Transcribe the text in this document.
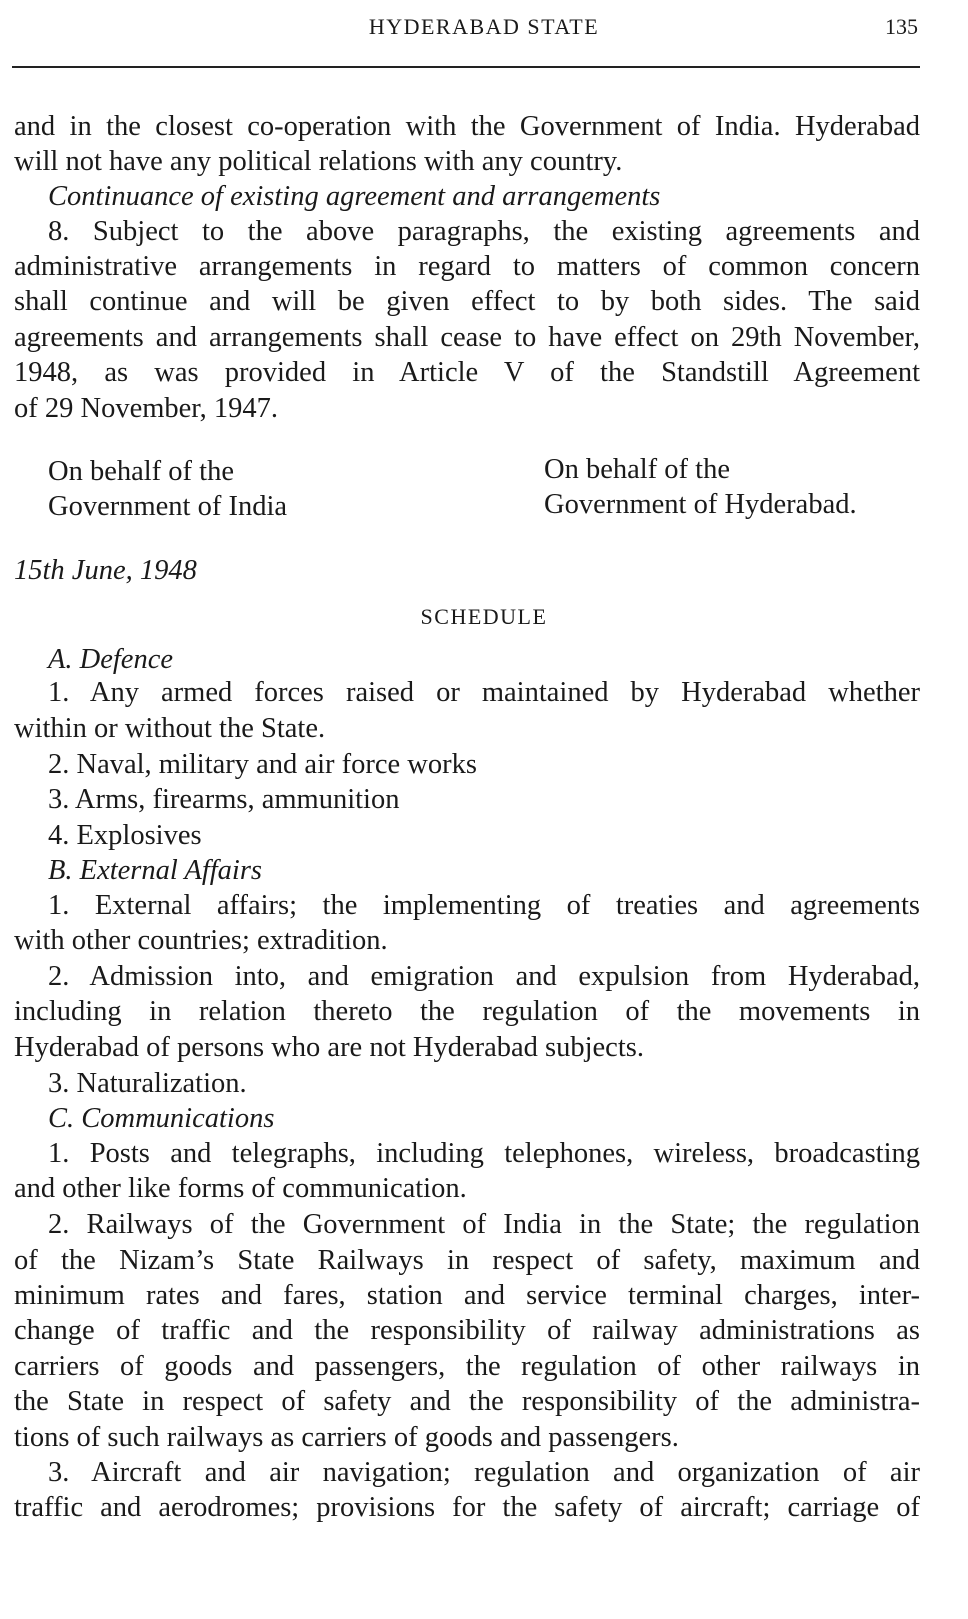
HYDERABAD STATE	135
and in the closest co-operation with the Government of India. Hyderabad
will not have any political relations with any country.
Continuance of existing agreement and arrangements
8. Subject to the above paragraphs, the existing agreements and
administrative arrangements in regard to matters of common concern
shall continue and will be given effect to by both sides. The said
agreements and arrangements shall cease to have effect on 29th November,
1948, as was provided in Article V of the Standstill Agreement
of 29 November, 1947.
On behalf of the
Government of India
On behalf of the
Government of Hyderabad.
15th June, 1948
SCHEDULE
A. Defence
1. Any armed forces raised or maintained by Hyderabad whether
within or without the State.
2. Naval, military and air force works
3. Arms, firearms, ammunition
4. Explosives
B. External Affairs
1. External affairs; the implementing of treaties and agreements
with other countries; extradition.
2. Admission into, and emigration and expulsion from Hyderabad,
including in relation thereto the regulation of the movements in
Hyderabad of persons who are not Hyderabad subjects.
3. Naturalization.
C. Communications
1. Posts and telegraphs, including telephones, wireless, broadcasting
and other like forms of communication.
2. Railways of the Government of India in the State; the regulation
of the Nizam’s State Railways in respect of safety, maximum and
minimum rates and fares, station and service terminal charges, inter-
change of traffic and the responsibility of railway administrations as
carriers of goods and passengers, the regulation of other railways in
the State in respect of safety and the responsibility of the administra-
tions of such railways as carriers of goods and passengers.
3. Aircraft and air navigation; regulation and organization of air
traffic and aerodromes; provisions for the safety of aircraft; carriage of
